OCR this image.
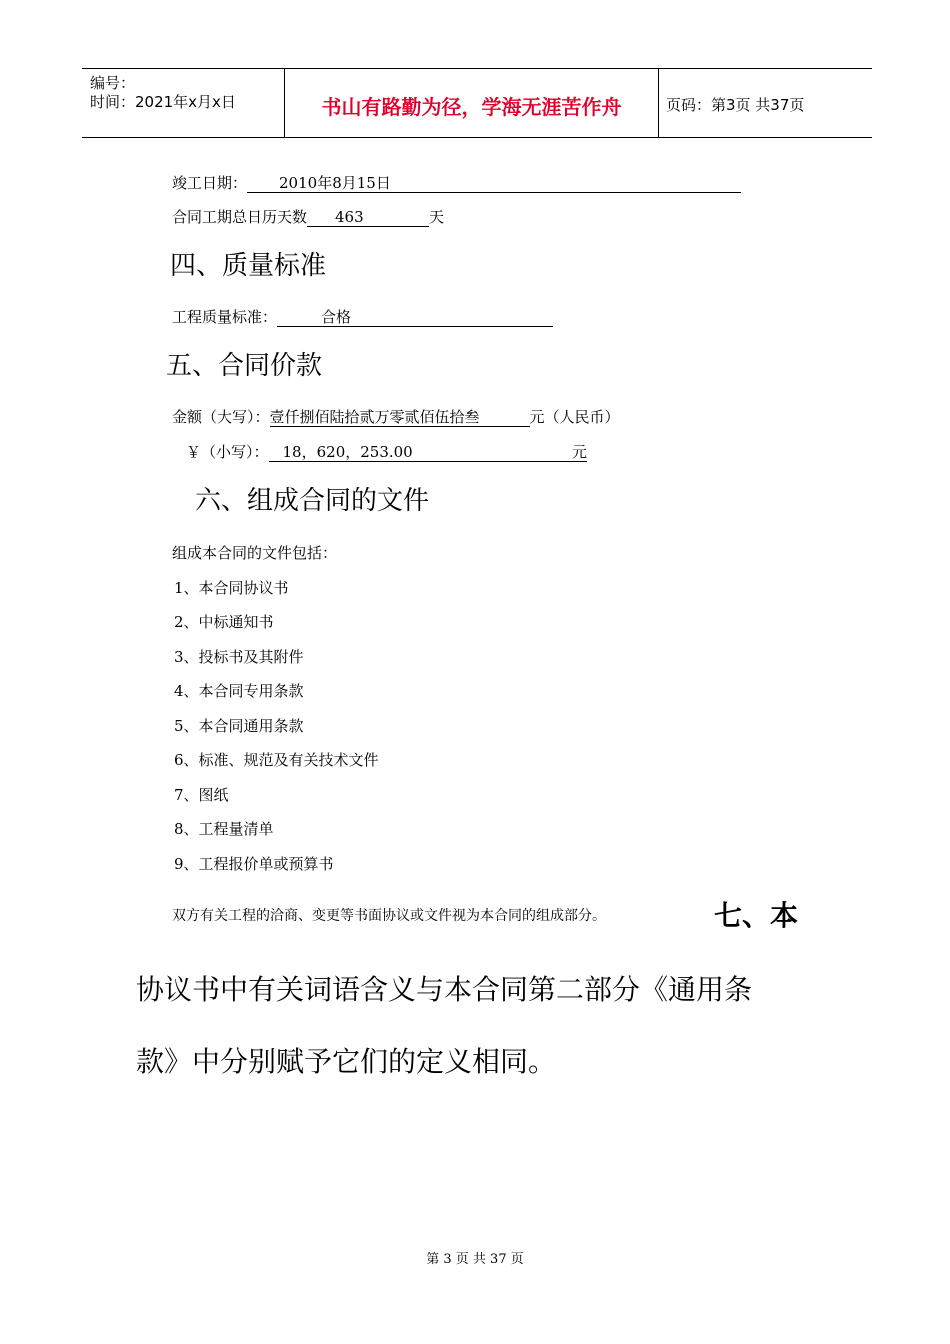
编号：
时间：2021年x月x日	书山有路勤为径，学海无涯苦作舟	页码：第3页 共37页
竣工日期： 2010年8月15日
合同工期总日历天数 463	天
四、质量标准
工程质量标准：	合格
五、合同价款
金额（大写）：壹仟捌佰陆拾贰万零贰佰伍拾叁	元（人民币）
￥（小写）： 18，620，253.00	元
六、组成合同的文件
组成本合同的文件包括：
1、本合同协议书
2、中标通知书
3、投标书及其附件
4、本合同专用条款
5、本合同通用条款
6、标准、规范及有关技术文件
7、图纸
8、工程量清单
9、工程报价单或预算书
双方有关工程的洽商、变更等书面协议或文件视为本合同的组成部分。	七、本
协议书中有关词语含义与本合同第二部分《通用条
款》中分别赋予它们的定义相同。
第 3 页 共 37 页
